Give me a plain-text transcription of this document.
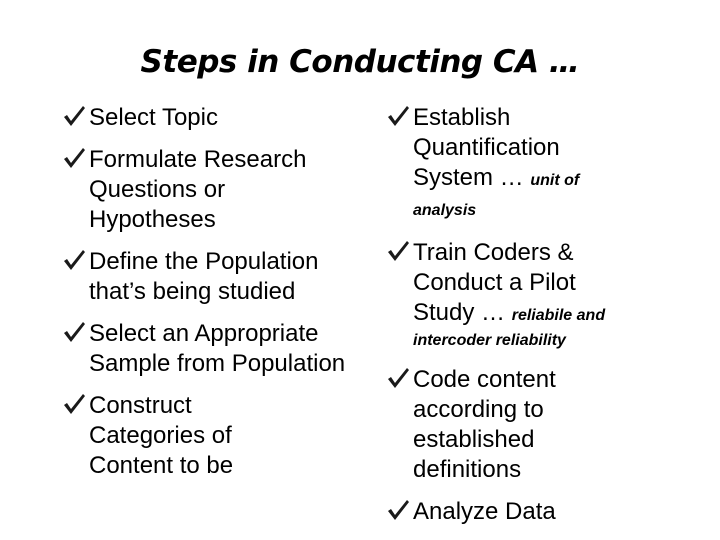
Steps in Conducting CA …
Select Topic
Formulate Research Questions or Hypotheses
Define the Population that’s being studied
Select an Appropriate Sample from Population
Construct Categories of Content to be
Establish Quantification System … unit of
analysis
Train Coders & Conduct a Pilot Study … reliabile and
intercoder reliability
Code content according to established definitions
Analyze Data
